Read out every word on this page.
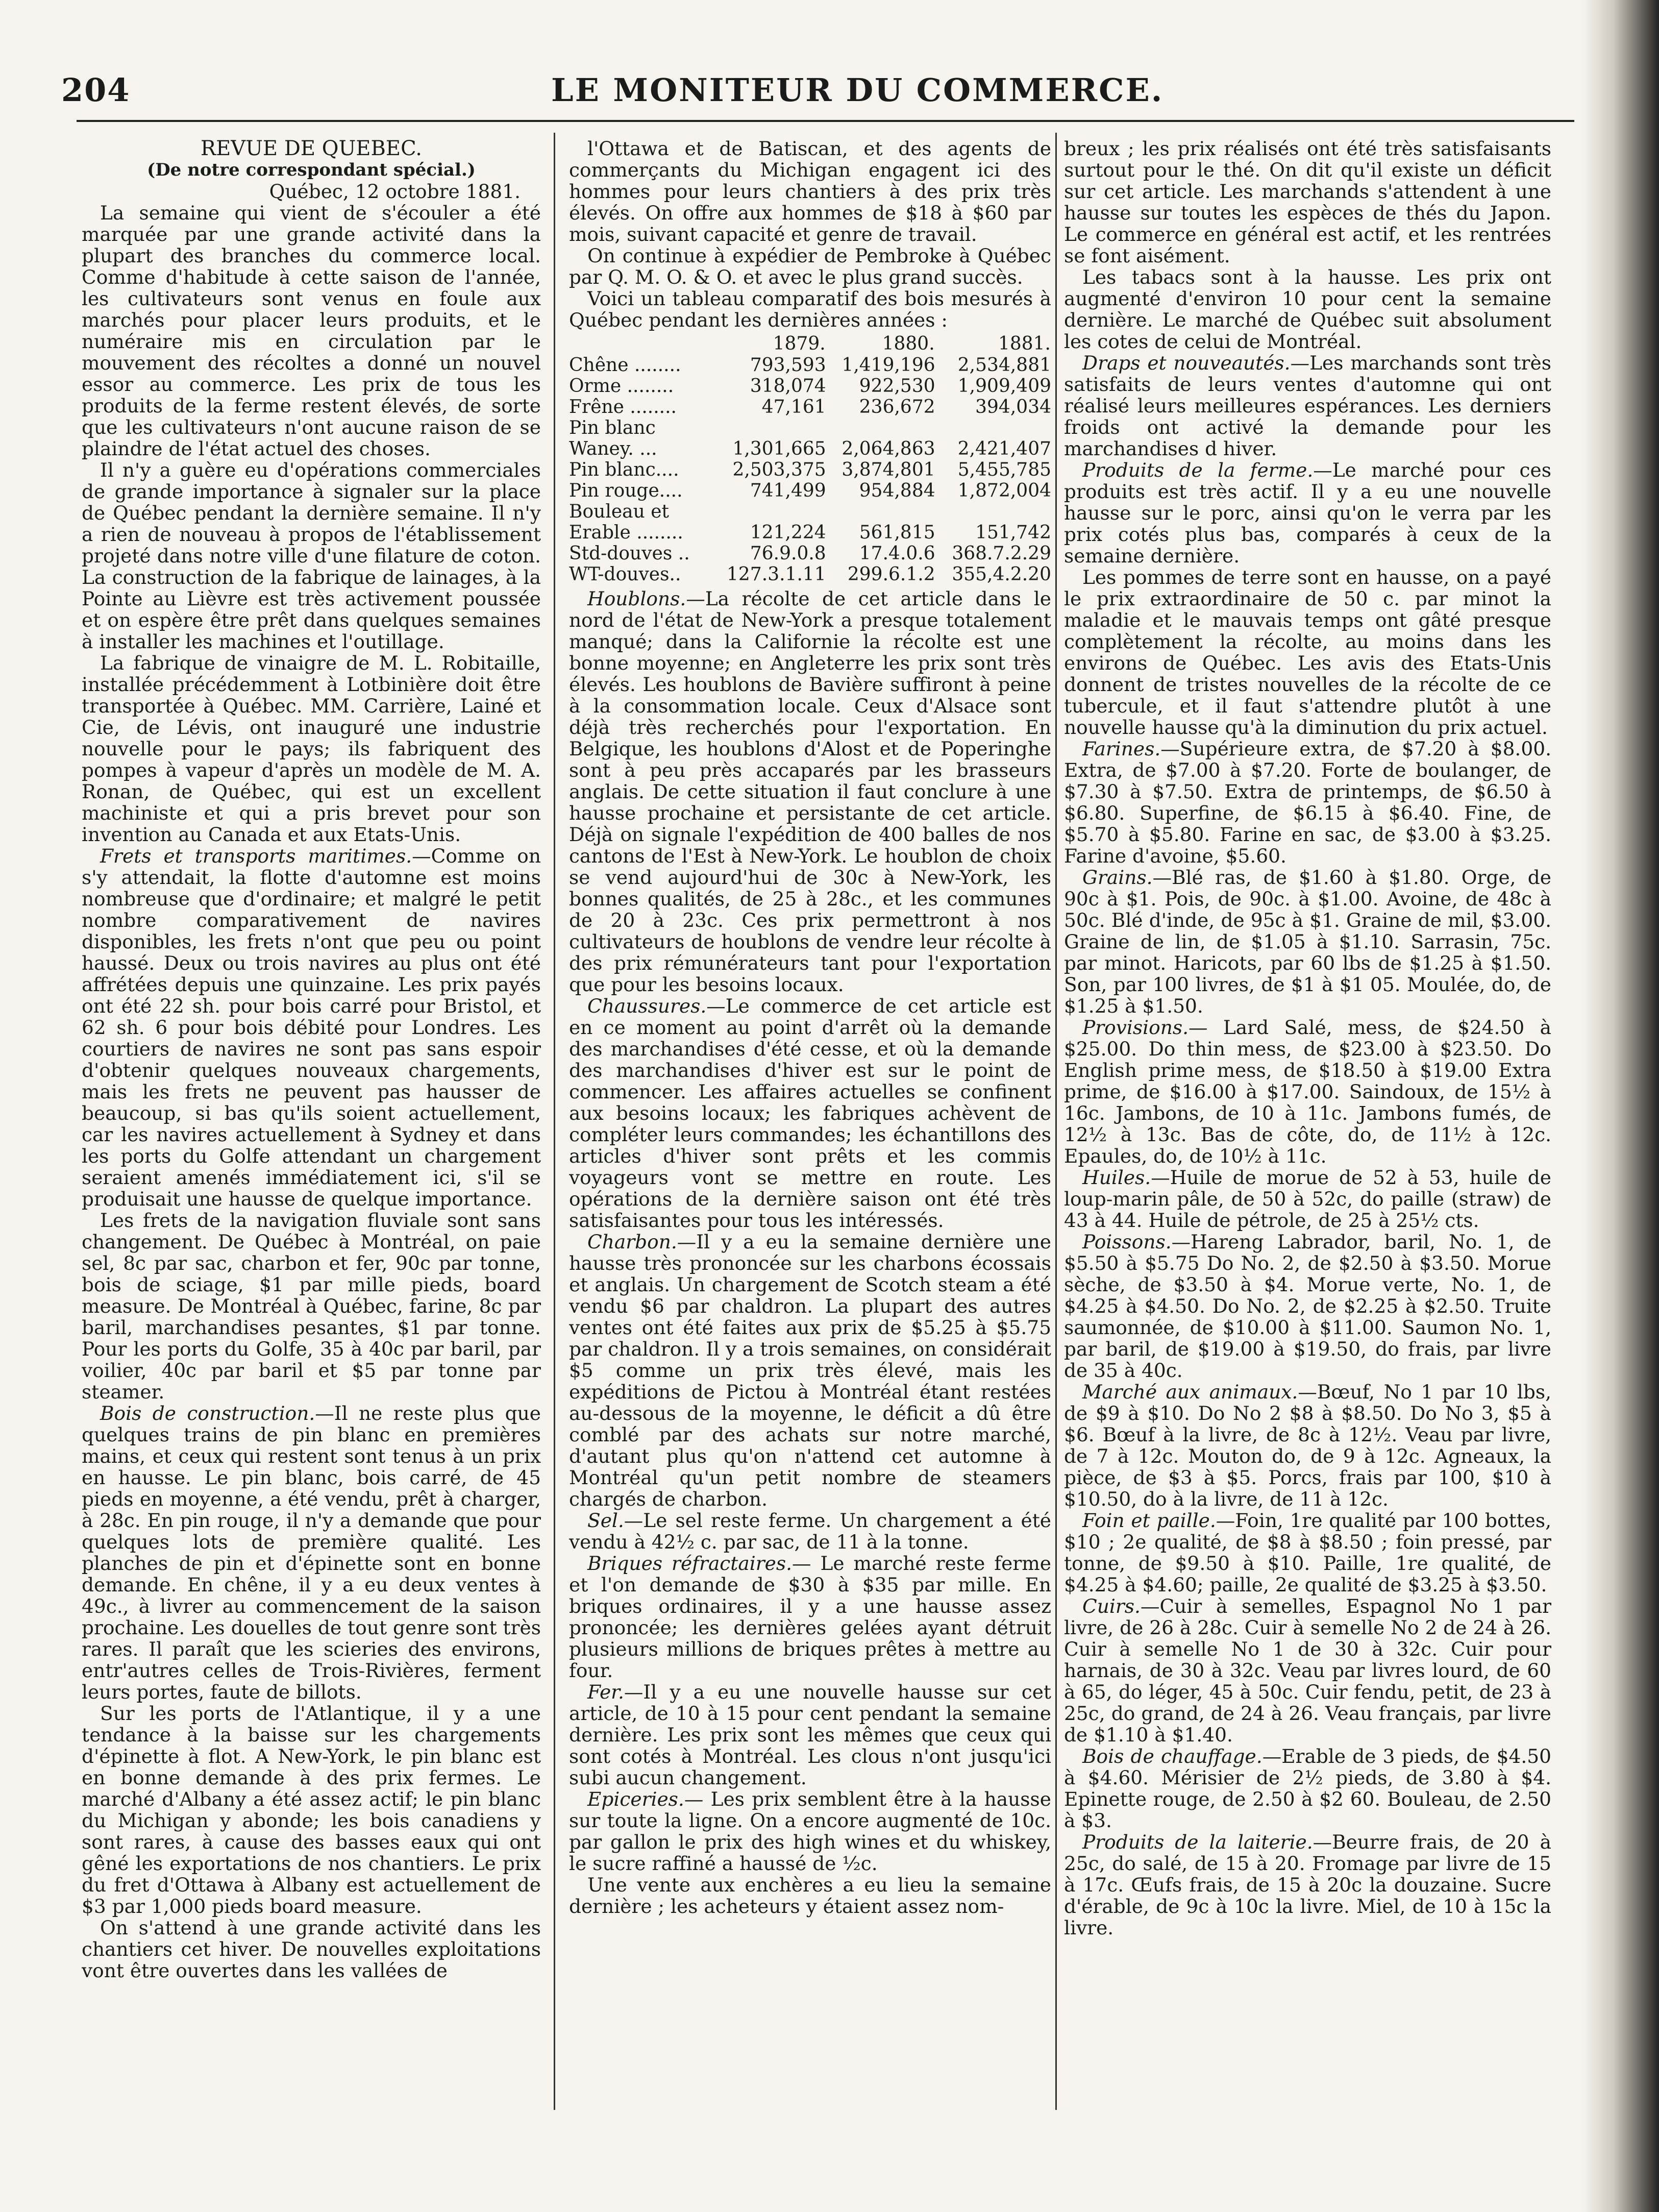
204	LE MONITEUR DU COMMERCE.
REVUE DE QUEBEC.
(De notre correspondant spécial.)
Québec, 12 octobre 1881.

La semaine qui vient de s'écouler a été marquée par une grande activité dans la plupart des branches du commerce local. Comme d'habitude à cette saison de l'année, les cultivateurs sont venus en foule aux marchés pour placer leurs produits, et le numéraire mis en circulation par le mouvement des récoltes a donné un nouvel essor au commerce. Les prix de tous les produits de la ferme restent élevés, de sorte que les cultivateurs n'ont aucune raison de se plaindre de l'état actuel des choses.

Il n'y a guère eu d'opérations commerciales de grande importance à signaler sur la place de Québec pendant la dernière semaine. Il n'y a rien de nouveau à propos de l'établissement projeté dans notre ville d'une filature de coton. La construction de la fabrique de lainages, à la Pointe au Lièvre est très activement poussée et on espère être prêt dans quelques semaines à installer les machines et l'outillage.

La fabrique de vinaigre de M. L. Robitaille, installée précédemment à Lotbinière doit être transportée à Québec. MM. Carrière, Lainé et Cie, de Lévis, ont inauguré une industrie nouvelle pour le pays; ils fabriquent des pompes à vapeur d'après un modèle de M. A. Ronan, de Québec, qui est un excellent machiniste et qui a pris brevet pour son invention au Canada et aux Etats-Unis.

Frets et transports maritimes.—Comme on s'y attendait, la flotte d'automne est moins nombreuse que d'ordinaire; et malgré le petit nombre comparativement de navires disponibles, les frets n'ont que peu ou point haussé. Deux ou trois navires au plus ont été affrétées depuis une quinzaine. Les prix payés ont été 22 sh. pour bois carré pour Bristol, et 62 sh. 6 pour bois débité pour Londres. Les courtiers de navires ne sont pas sans espoir d'obtenir quelques nouveaux chargements, mais les frets ne peuvent pas hausser de beaucoup, si bas qu'ils soient actuellement, car les navires actuellement à Sydney et dans les ports du Golfe attendant un chargement seraient amenés immédiatement ici, s'il se produisait une hausse de quelque importance.

Les frets de la navigation fluviale sont sans changement. De Québec à Montréal, on paie sel, 8c par sac, charbon et fer, 90c par tonne, bois de sciage, $1 par mille pieds, board measure. De Montréal à Québec, farine, 8c par baril, marchandises pesantes, $1 par tonne. Pour les ports du Golfe, 35 à 40c par baril, par voilier, 40c par baril et $5 par tonne par steamer.

Bois de construction.—Il ne reste plus que quelques trains de pin blanc en premières mains, et ceux qui restent sont tenus à un prix en hausse. Le pin blanc, bois carré, de 45 pieds en moyenne, a été vendu, prêt à charger, à 28c. En pin rouge, il n'y a demande que pour quelques lots de première qualité. Les planches de pin et d'épinette sont en bonne demande. En chêne, il y a eu deux ventes à 49c., à livrer au commencement de la saison prochaine. Les douelles de tout genre sont très rares. Il paraît que les scieries des environs, entr'autres celles de Trois-Rivières, ferment leurs portes, faute de billots.

Sur les ports de l'Atlantique, il y a une tendance à la baisse sur les chargements d'épinette à flot. A New-York, le pin blanc est en bonne demande à des prix fermes. Le marché d'Albany a été assez actif; le pin blanc du Michigan y abonde; les bois canadiens y sont rares, à cause des basses eaux qui ont gêné les exportations de nos chantiers. Le prix du fret d'Ottawa à Albany est actuellement de $3 par 1,000 pieds board measure.

On s'attend à une grande activité dans les chantiers cet hiver. De nouvelles exploitations vont être ouvertes dans les vallées de

l'Ottawa et de Batiscan, et des agents de commerçants du Michigan engagent ici des hommes pour leurs chantiers à des prix très élevés. On offre aux hommes de $18 à $60 par mois, suivant capacité et genre de travail.

On continue à expédier de Pembroke à Québec par Q. M. O. & O. et avec le plus grand succès.

Voici un tableau comparatif des bois mesurés à Québec pendant les dernières années :

	1879.	1880.	1881.
Chêne ........	793,593	1,419,196	2,534,881
Orme ........	318,074	922,530	1,909,409
Frêne ........	47,161	236,672	394,034
Pin blanc			
Waney. ...	1,301,665	2,064,863	2,421,407
Pin blanc....	2,503,375	3,874,801	5,455,785
Pin rouge....	741,499	954,884	1,872,004
Bouleau et			
Erable ........	121,224	561,815	151,742
Std-douves ..	76.9.0.8	17.4.0.6	368.7.2.29
WT-douves..	127.3.1.11	299.6.1.2	355,4.2.20

Houblons.—La récolte de cet article dans le nord de l'état de New-York a presque totalement manqué; dans la Californie la récolte est une bonne moyenne; en Angleterre les prix sont très élevés. Les houblons de Bavière suffiront à peine à la consommation locale. Ceux d'Alsace sont déjà très recherchés pour l'exportation. En Belgique, les houblons d'Alost et de Poperinghe sont à peu près accaparés par les brasseurs anglais. De cette situation il faut conclure à une hausse prochaine et persistante de cet article. Déjà on signale l'expédition de 400 balles de nos cantons de l'Est à New-York. Le houblon de choix se vend aujourd'hui de 30c à New-York, les bonnes qualités, de 25 à 28c., et les communes de 20 à 23c. Ces prix permettront à nos cultivateurs de houblons de vendre leur récolte à des prix rémunérateurs tant pour l'exportation que pour les besoins locaux.

Chaussures.—Le commerce de cet article est en ce moment au point d'arrêt où la demande des marchandises d'été cesse, et où la demande des marchandises d'hiver est sur le point de commencer. Les affaires actuelles se confinent aux besoins locaux; les fabriques achèvent de compléter leurs commandes; les échantillons des articles d'hiver sont prêts et les commis voyageurs vont se mettre en route. Les opérations de la dernière saison ont été très satisfaisantes pour tous les intéressés.

Charbon.—Il y a eu la semaine dernière une hausse très prononcée sur les charbons écossais et anglais. Un chargement de Scotch steam a été vendu $6 par chaldron. La plupart des autres ventes ont été faites aux prix de $5.25 à $5.75 par chaldron. Il y a trois semaines, on considérait $5 comme un prix très élevé, mais les expéditions de Pictou à Montréal étant restées au-dessous de la moyenne, le déficit a dû être comblé par des achats sur notre marché, d'autant plus qu'on n'attend cet automne à Montréal qu'un petit nombre de steamers chargés de charbon.

Sel.—Le sel reste ferme. Un chargement a été vendu à 42½ c. par sac, de 11 à la tonne.

Briques réfractaires.— Le marché reste ferme et l'on demande de $30 à $35 par mille. En briques ordinaires, il y a une hausse assez prononcée; les dernières gelées ayant détruit plusieurs millions de briques prêtes à mettre au four.

Fer.—Il y a eu une nouvelle hausse sur cet article, de 10 à 15 pour cent pendant la semaine dernière. Les prix sont les mêmes que ceux qui sont cotés à Montréal. Les clous n'ont jusqu'ici subi aucun changement.

Epiceries.— Les prix semblent être à la hausse sur toute la ligne. On a encore augmenté de 10c. par gallon le prix des high wines et du whiskey, le sucre raffiné a haussé de ½c.

Une vente aux enchères a eu lieu la semaine dernière ; les acheteurs y étaient assez nom-

breux ; les prix réalisés ont été très satisfaisants surtout pour le thé. On dit qu'il existe un déficit sur cet article. Les marchands s'attendent à une hausse sur toutes les espèces de thés du Japon. Le commerce en général est actif, et les rentrées se font aisément.

Les tabacs sont à la hausse. Les prix ont augmenté d'environ 10 pour cent la semaine dernière. Le marché de Québec suit absolument les cotes de celui de Montréal.

Draps et nouveautés.—Les marchands sont très satisfaits de leurs ventes d'automne qui ont réalisé leurs meilleures espérances. Les derniers froids ont activé la demande pour les marchandises d hiver.

Produits de la ferme.—Le marché pour ces produits est très actif. Il y a eu une nouvelle hausse sur le porc, ainsi qu'on le verra par les prix cotés plus bas, comparés à ceux de la semaine dernière.

Les pommes de terre sont en hausse, on a payé le prix extraordinaire de 50 c. par minot la maladie et le mauvais temps ont gâté presque complètement la récolte, au moins dans les environs de Québec. Les avis des Etats-Unis donnent de tristes nouvelles de la récolte de ce tubercule, et il faut s'attendre plutôt à une nouvelle hausse qu'à la diminution du prix actuel.

Farines.—Supérieure extra, de $7.20 à $8.00. Extra, de $7.00 à $7.20. Forte de boulanger, de $7.30 à $7.50. Extra de printemps, de $6.50 à $6.80. Superfine, de $6.15 à $6.40. Fine, de $5.70 à $5.80. Farine en sac, de $3.00 à $3.25. Farine d'avoine, $5.60.

Grains.—Blé ras, de $1.60 à $1.80. Orge, de 90c à $1. Pois, de 90c. à $1.00. Avoine, de 48c à 50c. Blé d'inde, de 95c à $1. Graine de mil, $3.00. Graine de lin, de $1.05 à $1.10. Sarrasin, 75c. par minot. Haricots, par 60 lbs de $1.25 à $1.50. Son, par 100 livres, de $1 à $1 05. Moulée, do, de $1.25 à $1.50.

Provisions.— Lard Salé, mess, de $24.50 à $25.00. Do thin mess, de $23.00 à $23.50. Do English prime mess, de $18.50 à $19.00 Extra prime, de $16.00 à $17.00. Saindoux, de 15½ à 16c. Jambons, de 10 à 11c. Jambons fumés, de 12½ à 13c. Bas de côte, do, de 11½ à 12c. Epaules, do, de 10½ à 11c.

Huiles.—Huile de morue de 52 à 53, huile de loup-marin pâle, de 50 à 52c, do paille (straw) de 43 à 44. Huile de pétrole, de 25 à 25½ cts.

Poissons.—Hareng Labrador, baril, No. 1, de $5.50 à $5.75 Do No. 2, de $2.50 à $3.50. Morue sèche, de $3.50 à $4. Morue verte, No. 1, de $4.25 à $4.50. Do No. 2, de $2.25 à $2.50. Truite saumonnée, de $10.00 à $11.00. Saumon No. 1, par baril, de $19.00 à $19.50, do frais, par livre de 35 à 40c.

Marché aux animaux.—Bœuf, No 1 par 10 lbs, de $9 à $10. Do No 2 $8 à $8.50. Do No 3, $5 à $6. Bœuf à la livre, de 8c à 12½. Veau par livre, de 7 à 12c. Mouton do, de 9 à 12c. Agneaux, la pièce, de $3 à $5. Porcs, frais par 100, $10 à $10.50, do à la livre, de 11 à 12c.

Foin et paille.—Foin, 1re qualité par 100 bottes, $10 ; 2e qualité, de $8 à $8.50 ; foin pressé, par tonne, de $9.50 à $10. Paille, 1re qualité, de $4.25 à $4.60; paille, 2e qualité de $3.25 à $3.50.

Cuirs.—Cuir à semelles, Espagnol No 1 par livre, de 26 à 28c. Cuir à semelle No 2 de 24 à 26. Cuir à semelle No 1 de 30 à 32c. Cuir pour harnais, de 30 à 32c. Veau par livres lourd, de 60 à 65, do léger, 45 à 50c. Cuir fendu, petit, de 23 à 25c, do grand, de 24 à 26. Veau français, par livre de $1.10 à $1.40.

Bois de chauffage.—Erable de 3 pieds, de $4.50 à $4.60. Mérisier de 2½ pieds, de 3.80 à $4. Epinette rouge, de 2.50 à $2 60. Bouleau, de 2.50 à $3.

Produits de la laiterie.—Beurre frais, de 20 à 25c, do salé, de 15 à 20. Fromage par livre de 15 à 17c. Œufs frais, de 15 à 20c la douzaine. Sucre d'érable, de 9c à 10c la livre. Miel, de 10 à 15c la livre.
